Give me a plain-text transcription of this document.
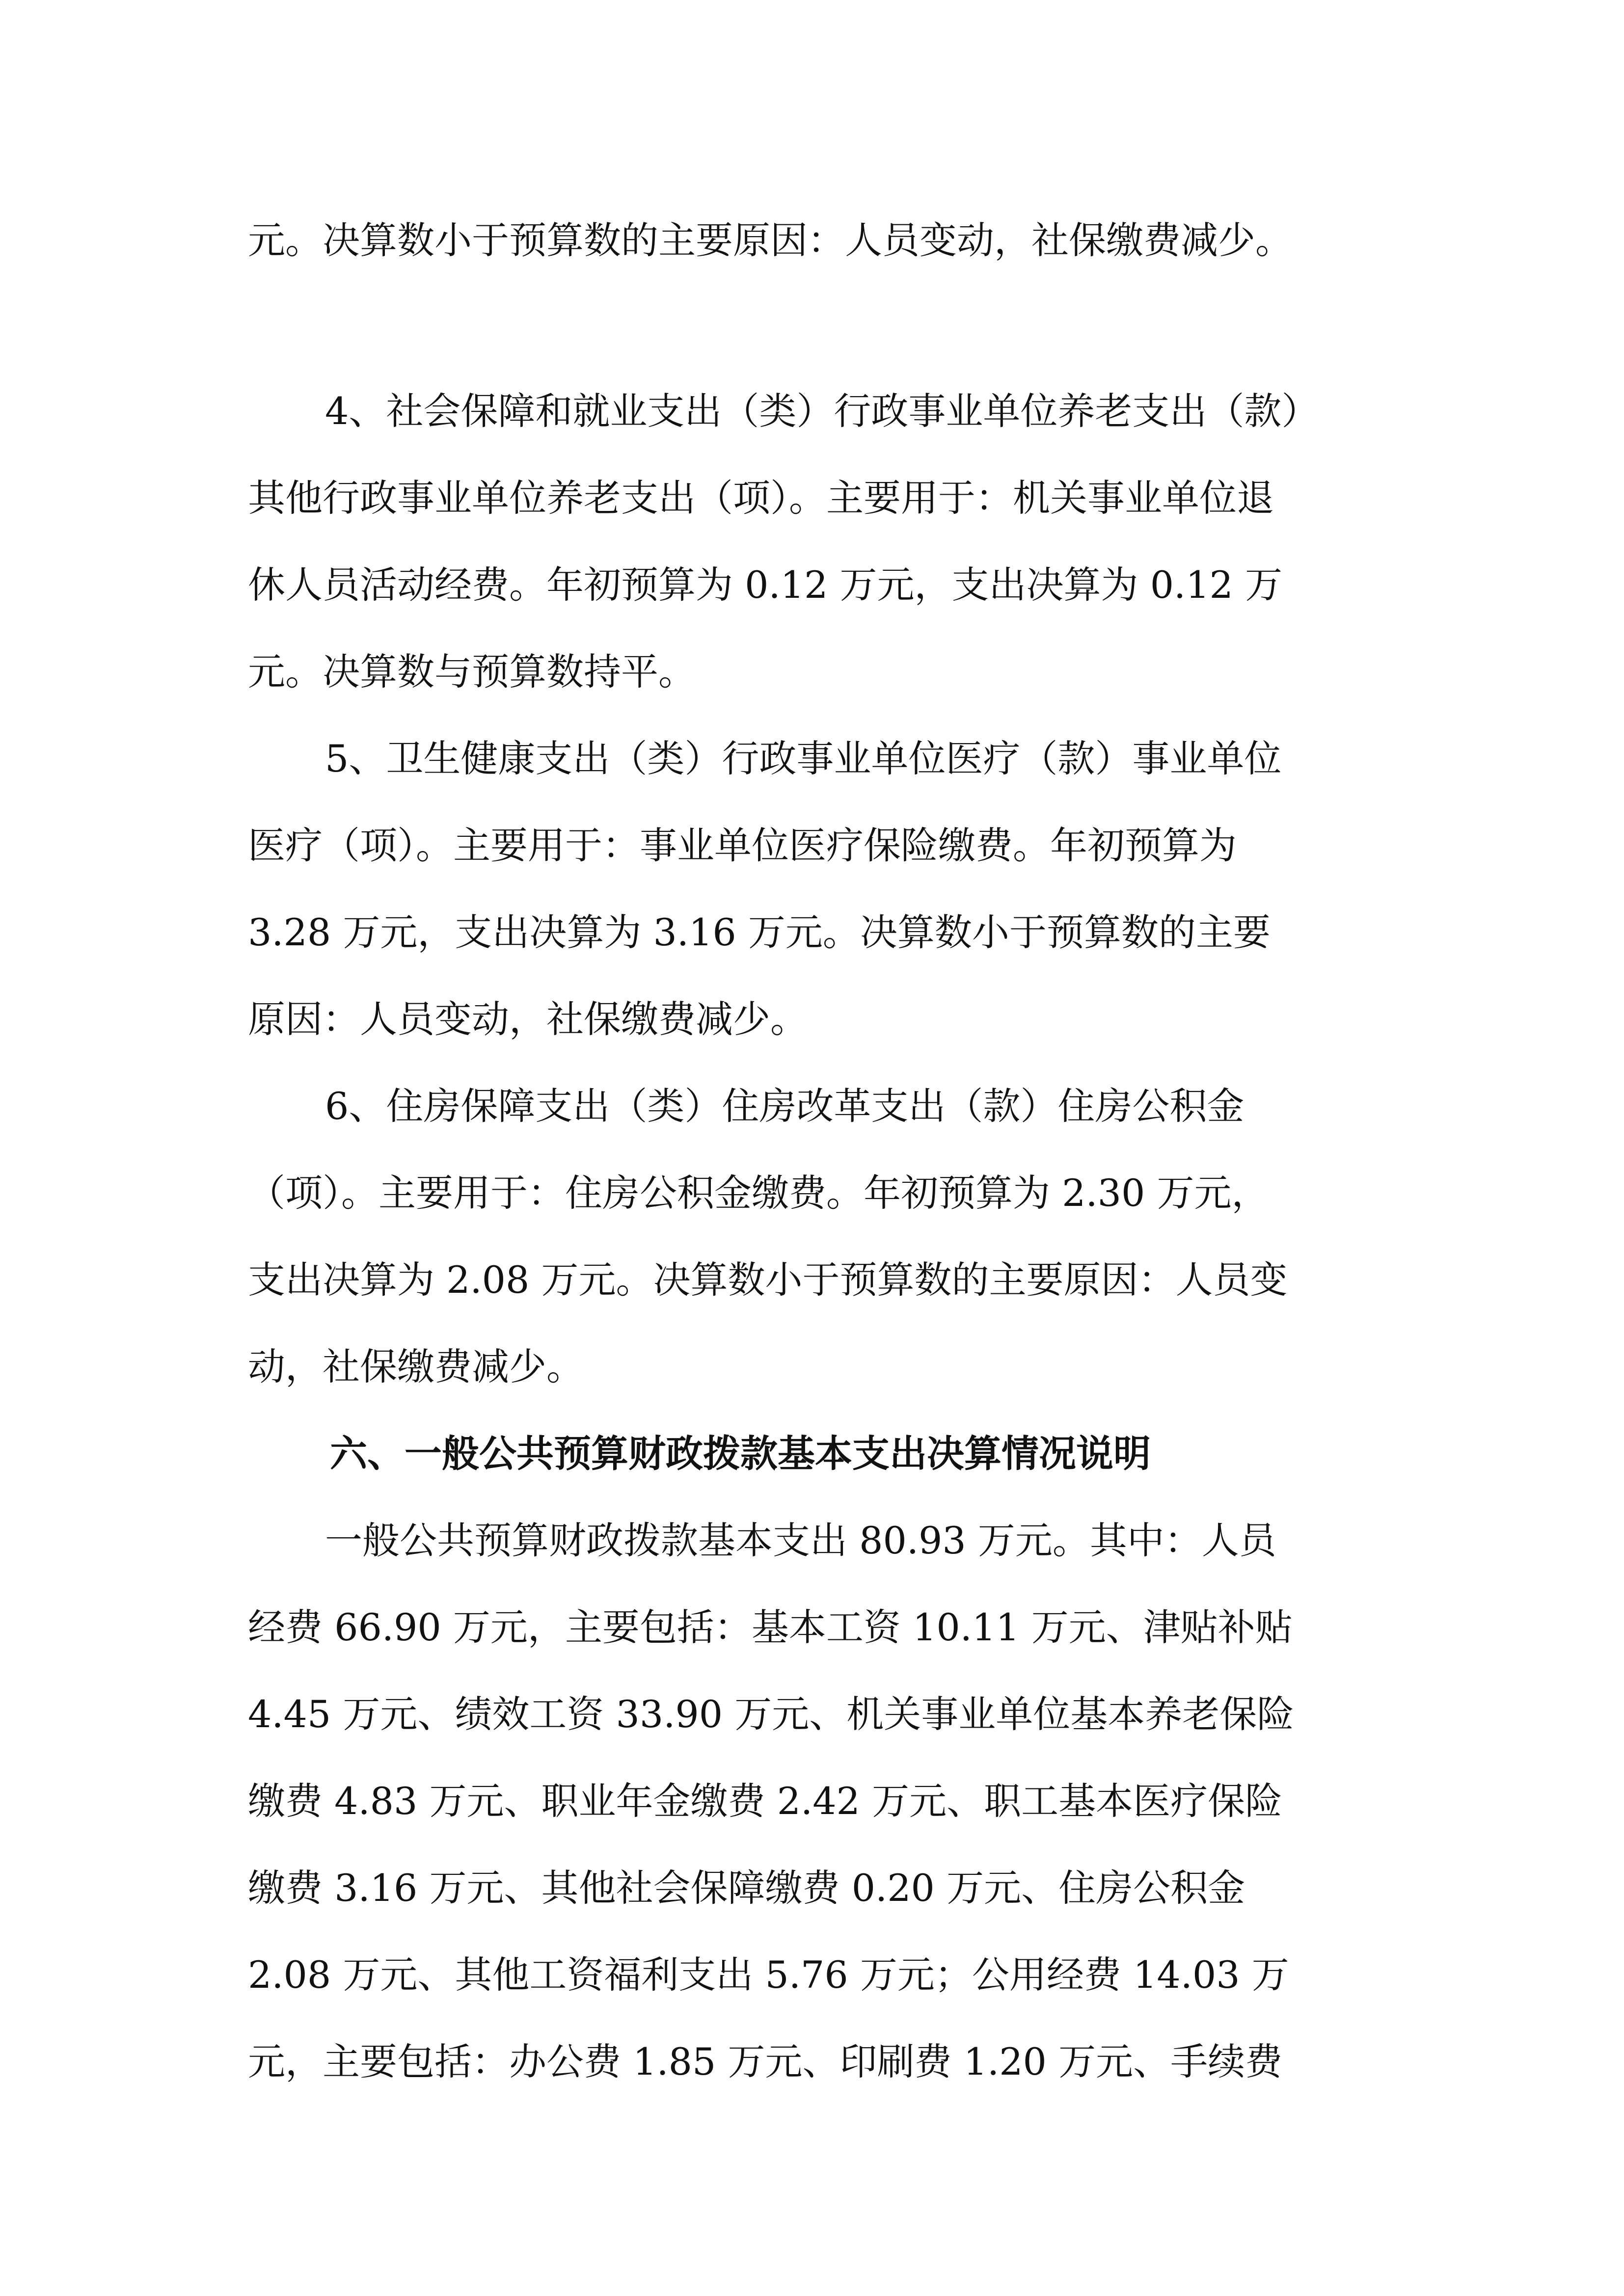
元。决算数小于预算数的主要原因：人员变动，社保缴费减少。
4、社会保障和就业支出（类）行政事业单位养老支出（款）
其他行政事业单位养老支出（项）。主要用于：机关事业单位退
休人员活动经费。年初预算为 0.12 万元，支出决算为 0.12 万
元。决算数与预算数持平。
5、卫生健康支出（类）行政事业单位医疗（款）事业单位
医疗（项）。主要用于：事业单位医疗保险缴费。年初预算为
3.28 万元，支出决算为 3.16 万元。决算数小于预算数的主要
原因：人员变动，社保缴费减少。
6、住房保障支出（类）住房改革支出（款）住房公积金
（项）。主要用于：住房公积金缴费。年初预算为 2.30 万元，
支出决算为 2.08 万元。决算数小于预算数的主要原因：人员变
动，社保缴费减少。
六、一般公共预算财政拨款基本支出决算情况说明
一般公共预算财政拨款基本支出 80.93 万元。其中：人员
经费 66.90 万元，主要包括：基本工资 10.11 万元、津贴补贴
4.45 万元、绩效工资 33.90 万元、机关事业单位基本养老保险
缴费 4.83 万元、职业年金缴费 2.42 万元、职工基本医疗保险
缴费 3.16 万元、其他社会保障缴费 0.20 万元、住房公积金
2.08 万元、其他工资福利支出 5.76 万元；公用经费 14.03 万
元，主要包括：办公费 1.85 万元、印刷费 1.20 万元、手续费
